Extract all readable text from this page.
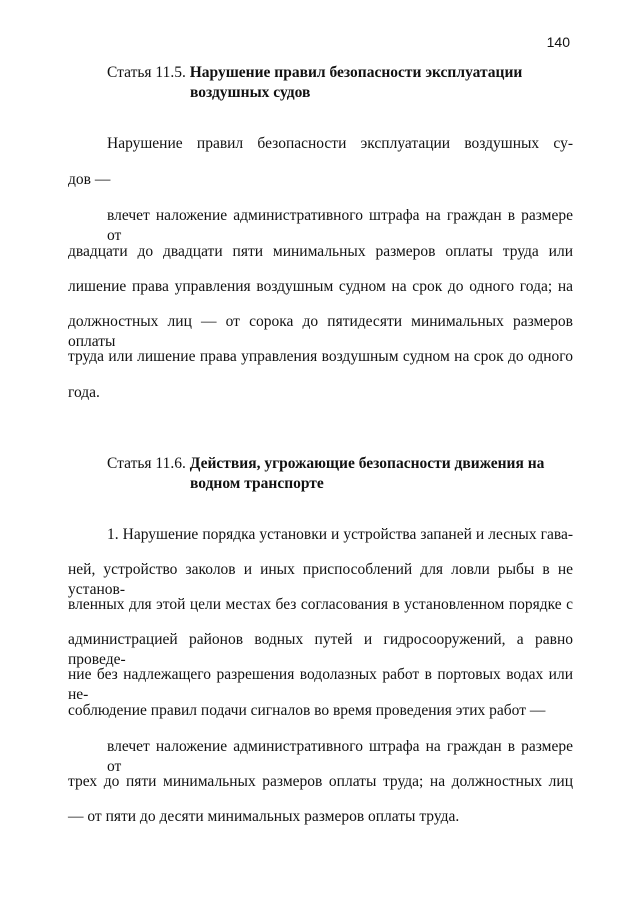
140
Статья 11.5. Нарушение правил безопасности эксплуатации
воздушных судов
Нарушение правил безопасности эксплуатации воздушных су-
дов —
влечет наложение административного штрафа на граждан в размере от
двадцати до двадцати пяти минимальных размеров оплаты труда или
лишение права управления воздушным судном на срок до одного года; на
должностных лиц — от сорока до пятидесяти минимальных размеров оплаты
труда или лишение права управления воздушным судном на срок до одного
года.
Статья 11.6. Действия, угрожающие безопасности движения на
водном транспорте
1. Нарушение порядка установки и устройства запаней и лесных гава-
ней, устройство заколов и иных приспособлений для ловли рыбы в не установ-
вленных для этой цели местах без согласования в установленном порядке с
администрацией районов водных путей и гидросооружений, а равно проведе-
ние без надлежащего разрешения водолазных работ в портовых водах или не-
соблюдение правил подачи сигналов во время проведения этих работ —
влечет наложение административного штрафа на граждан в размере от
трех до пяти минимальных размеров оплаты труда; на должностных лиц
— от пяти до десяти минимальных размеров оплаты труда.
